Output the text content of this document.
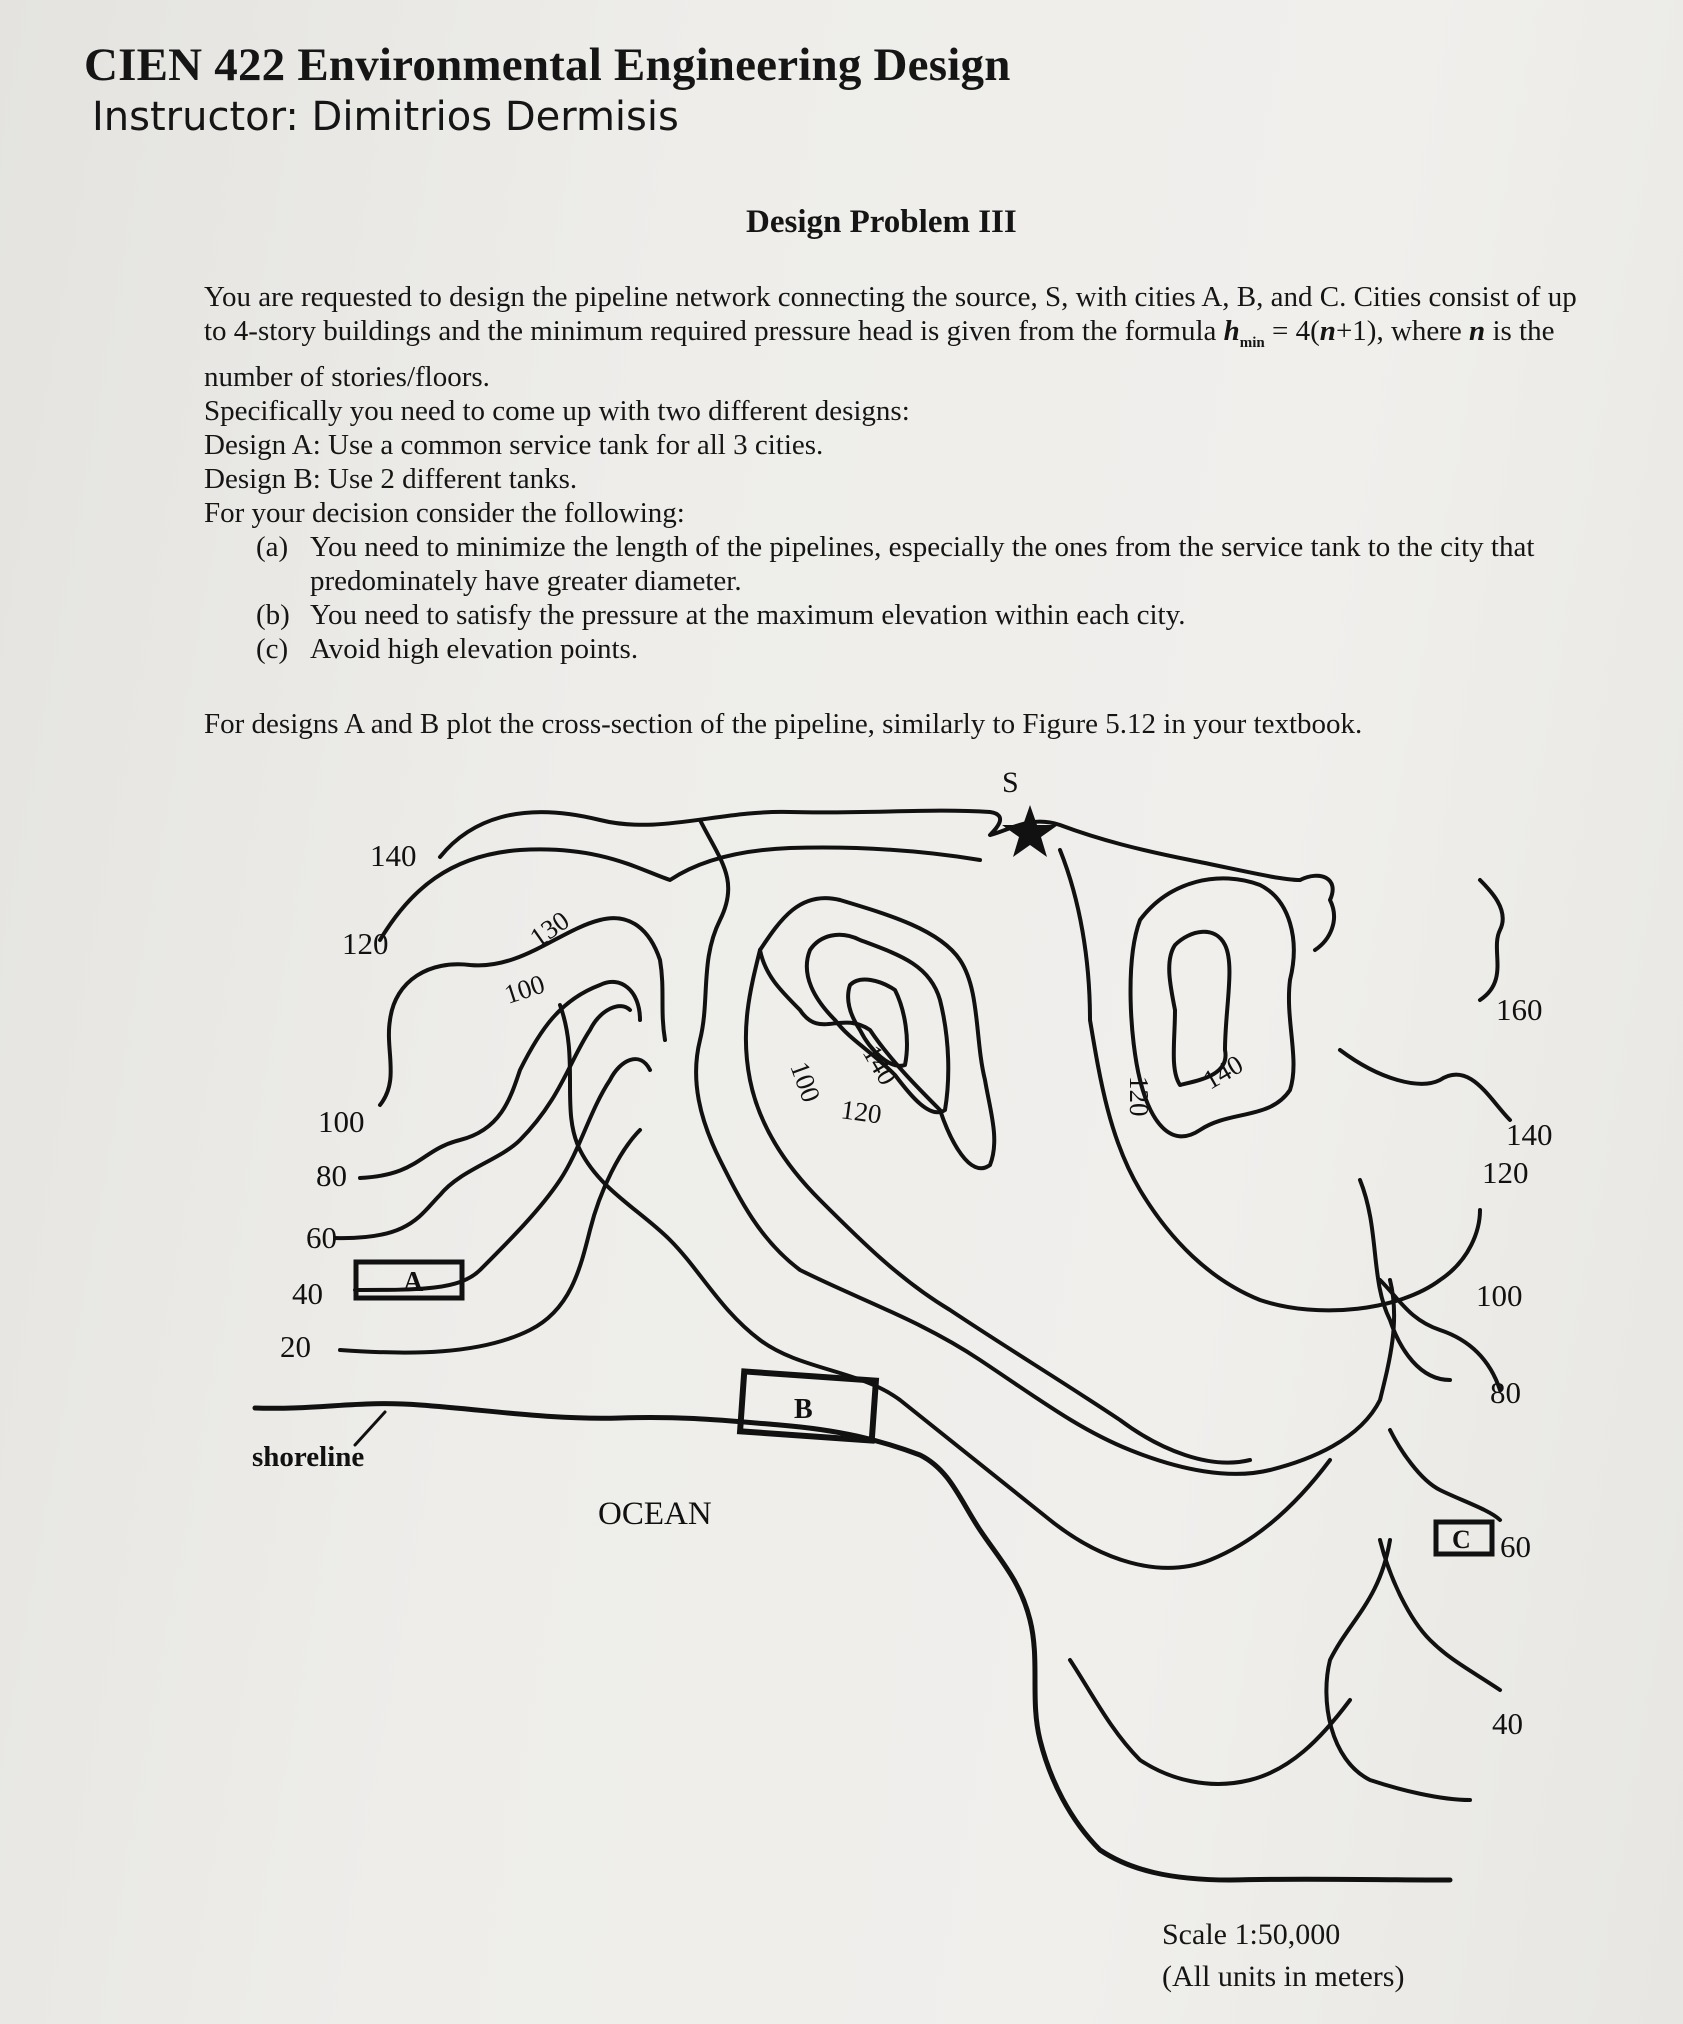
CIEN 422 Environmental Engineering Design
Instructor: Dimitrios Dermisis
Design Problem III

You are requested to design the pipeline network connecting the source, S, with cities A, B, and C. Cities consist of up to 4-story buildings and the minimum required pressure head is given from the formula $h_{min} = 4(n+1)$, where n is the number of stories/floors.

Specifically you need to come up with two different designs:

Design A: Use a common service tank for all 3 cities.

Design B: Use 2 different tanks.

For your decision consider the following:

(a) You need to minimize the length of the pipelines, especially the ones from the service tank to the city that predominately have greater diameter.

(b) You need to satisfy the pressure at the maximum elevation within each city.

(c) Avoid high elevation points.

For designs A and B plot the cross-section of the pipeline, similarly to Figure 5.12 in your textbook.
S
A
B
C
shoreline
OCEAN
140
120
100
80
60
40
20
160
140
120
100
80
60
40
130
100
140
120
100	120
140
Scale 1:50,000
(All units in meters)
